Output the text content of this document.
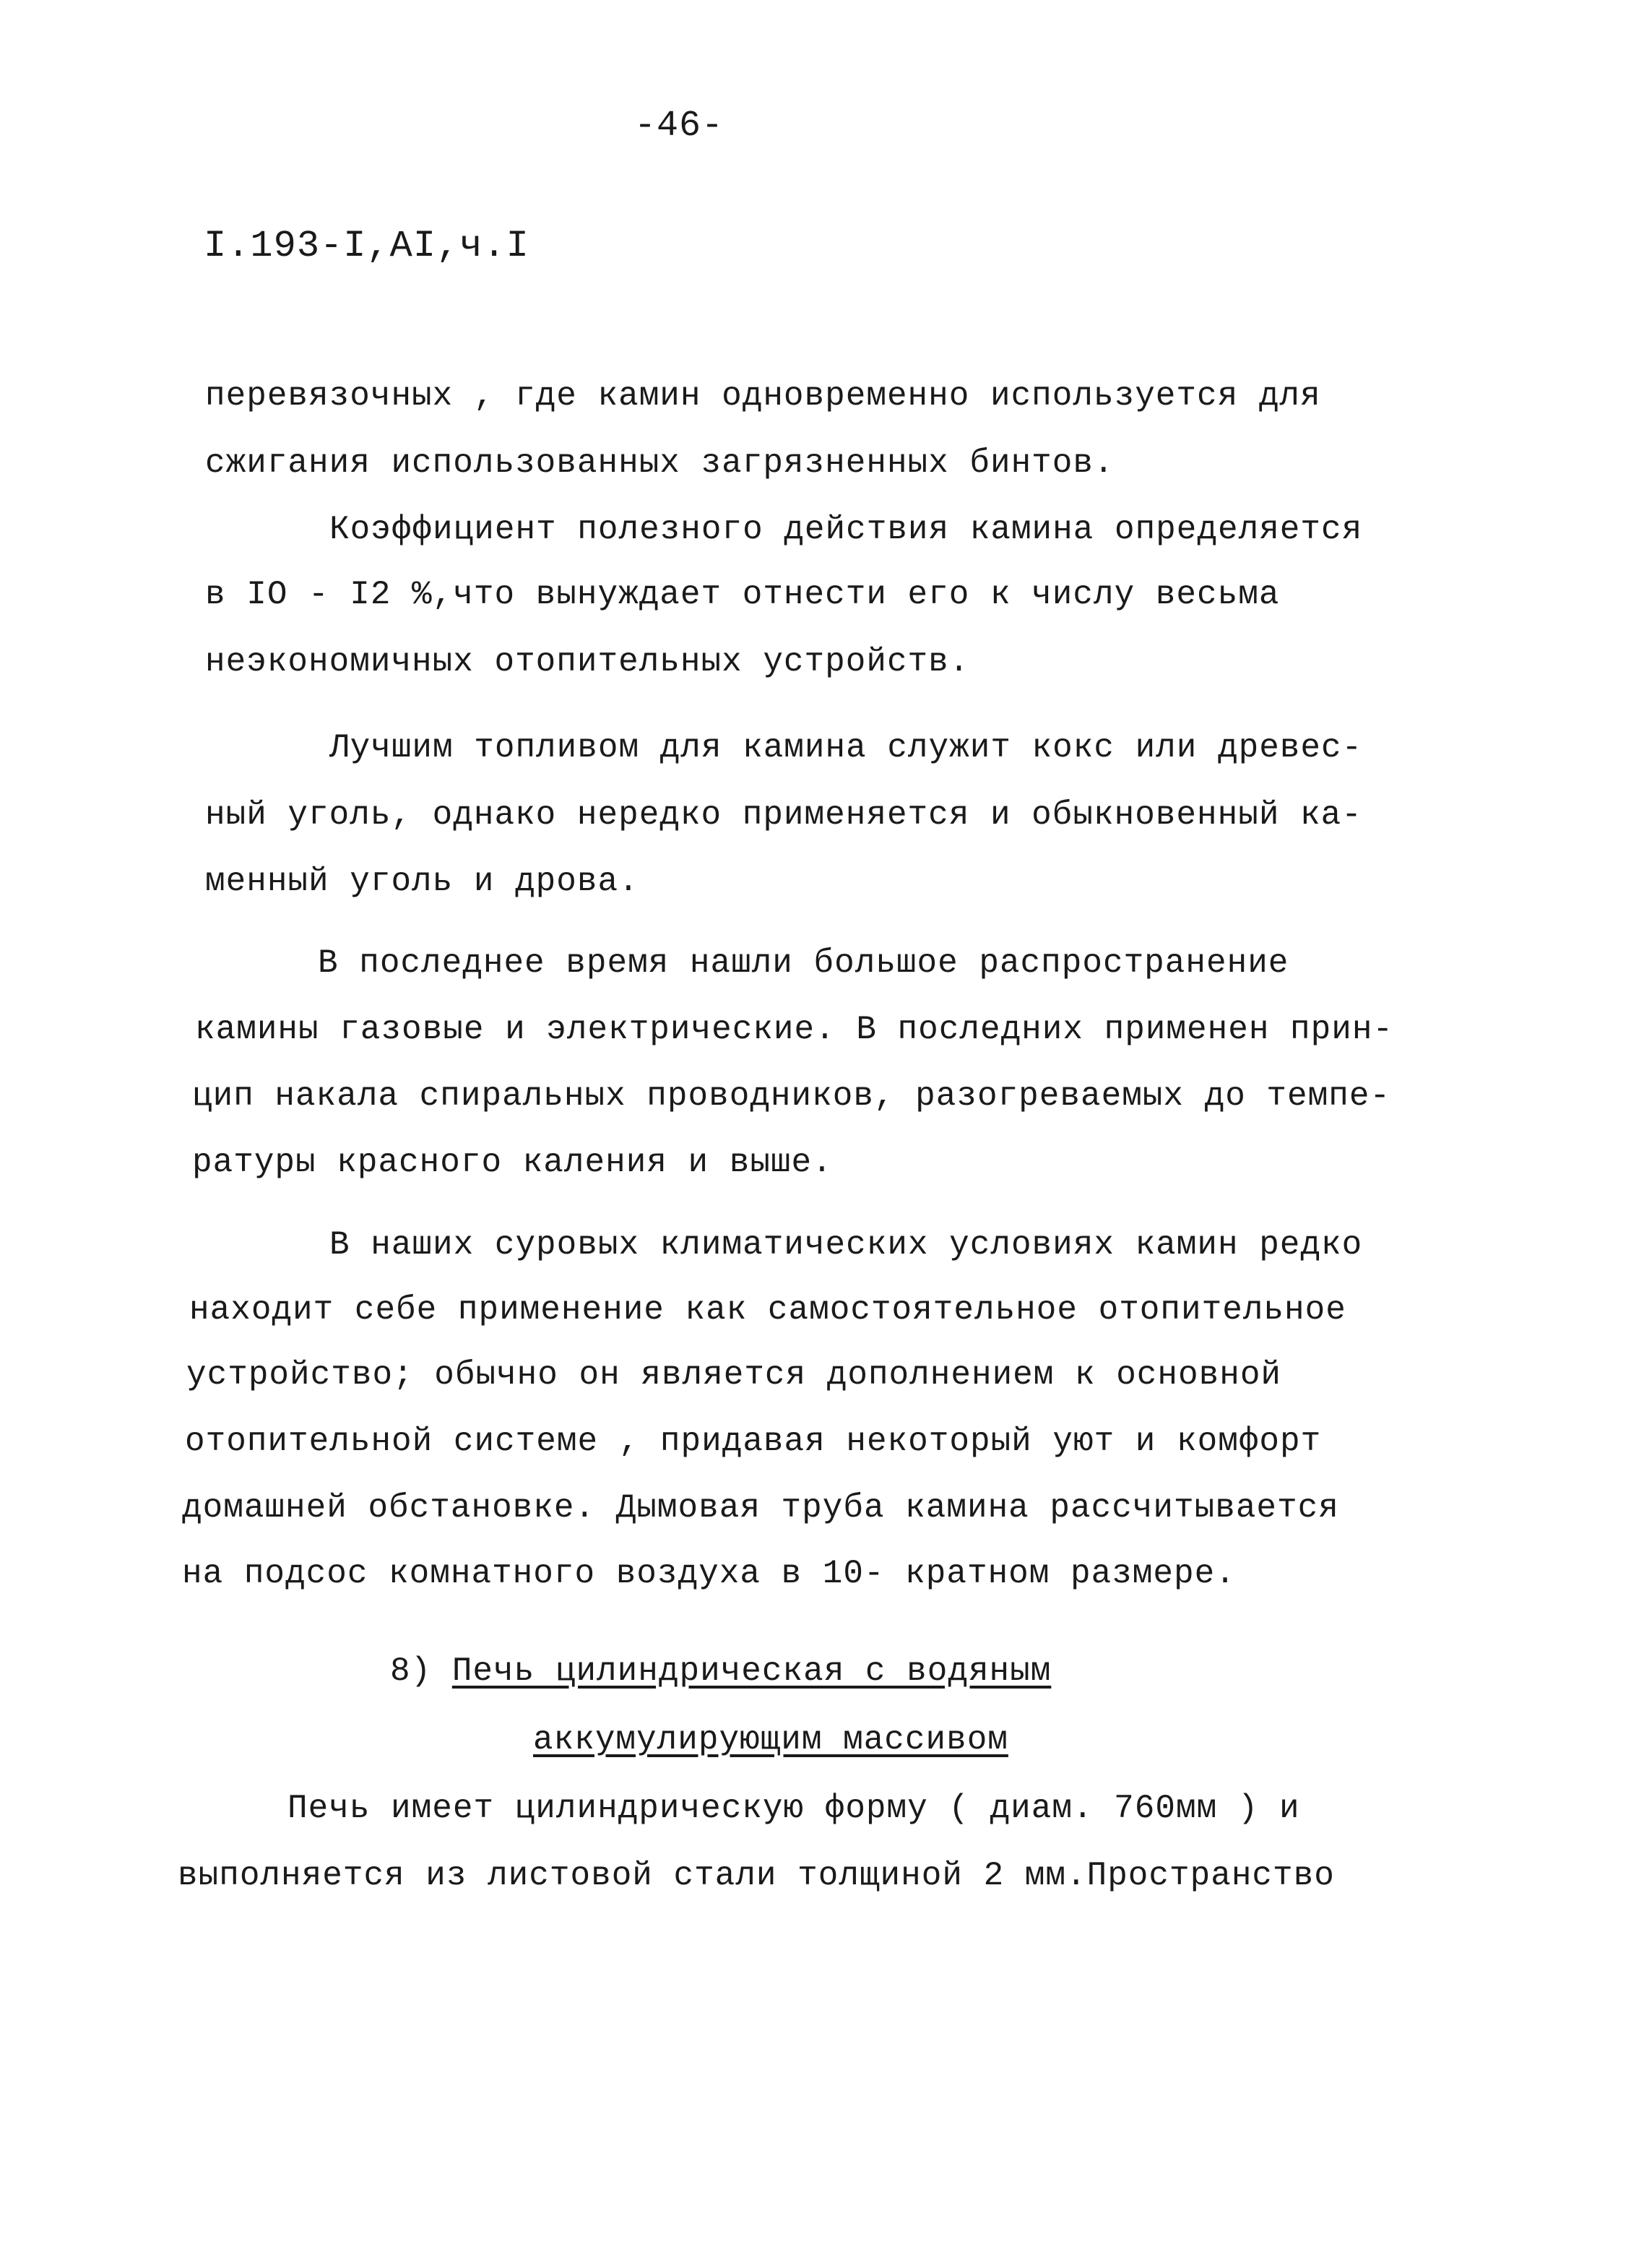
-46-
I.193-I,AI,ч.I
перевязочных , где камин одновременно используется для
сжигания использованных загрязненных бинтов.
Коэффициент полезного действия камина определяется
в IO - I2 %,что вынуждает отнести его к числу весьма
неэкономичных отопительных устройств.
Лучшим топливом для камина служит кокс или древес-
ный уголь, однако нередко применяется и обыкновенный ка-
менный уголь и дрова.
В последнее время нашли большое распространение
камины газовые и электрические. В последних применен прин-
цип накала спиральных проводников, разогреваемых до темпе-
ратуры красного каления и выше.
В наших суровых климатических условиях камин редко
находит себе применение как самостоятельное отопительное
устройство; обычно он является дополнением к основной
отопительной системе , придавая некоторый уют и комфорт
домашней обстановке. Дымовая труба камина рассчитывается
на подсос комнатного воздуха в 10- кратном размере.
8) Печь цилиндрическая с водяным
аккумулирующим массивом
Печь имеет цилиндрическую форму ( диам. 760мм ) и
выполняется из листовой стали толщиной 2 мм.Пространство
